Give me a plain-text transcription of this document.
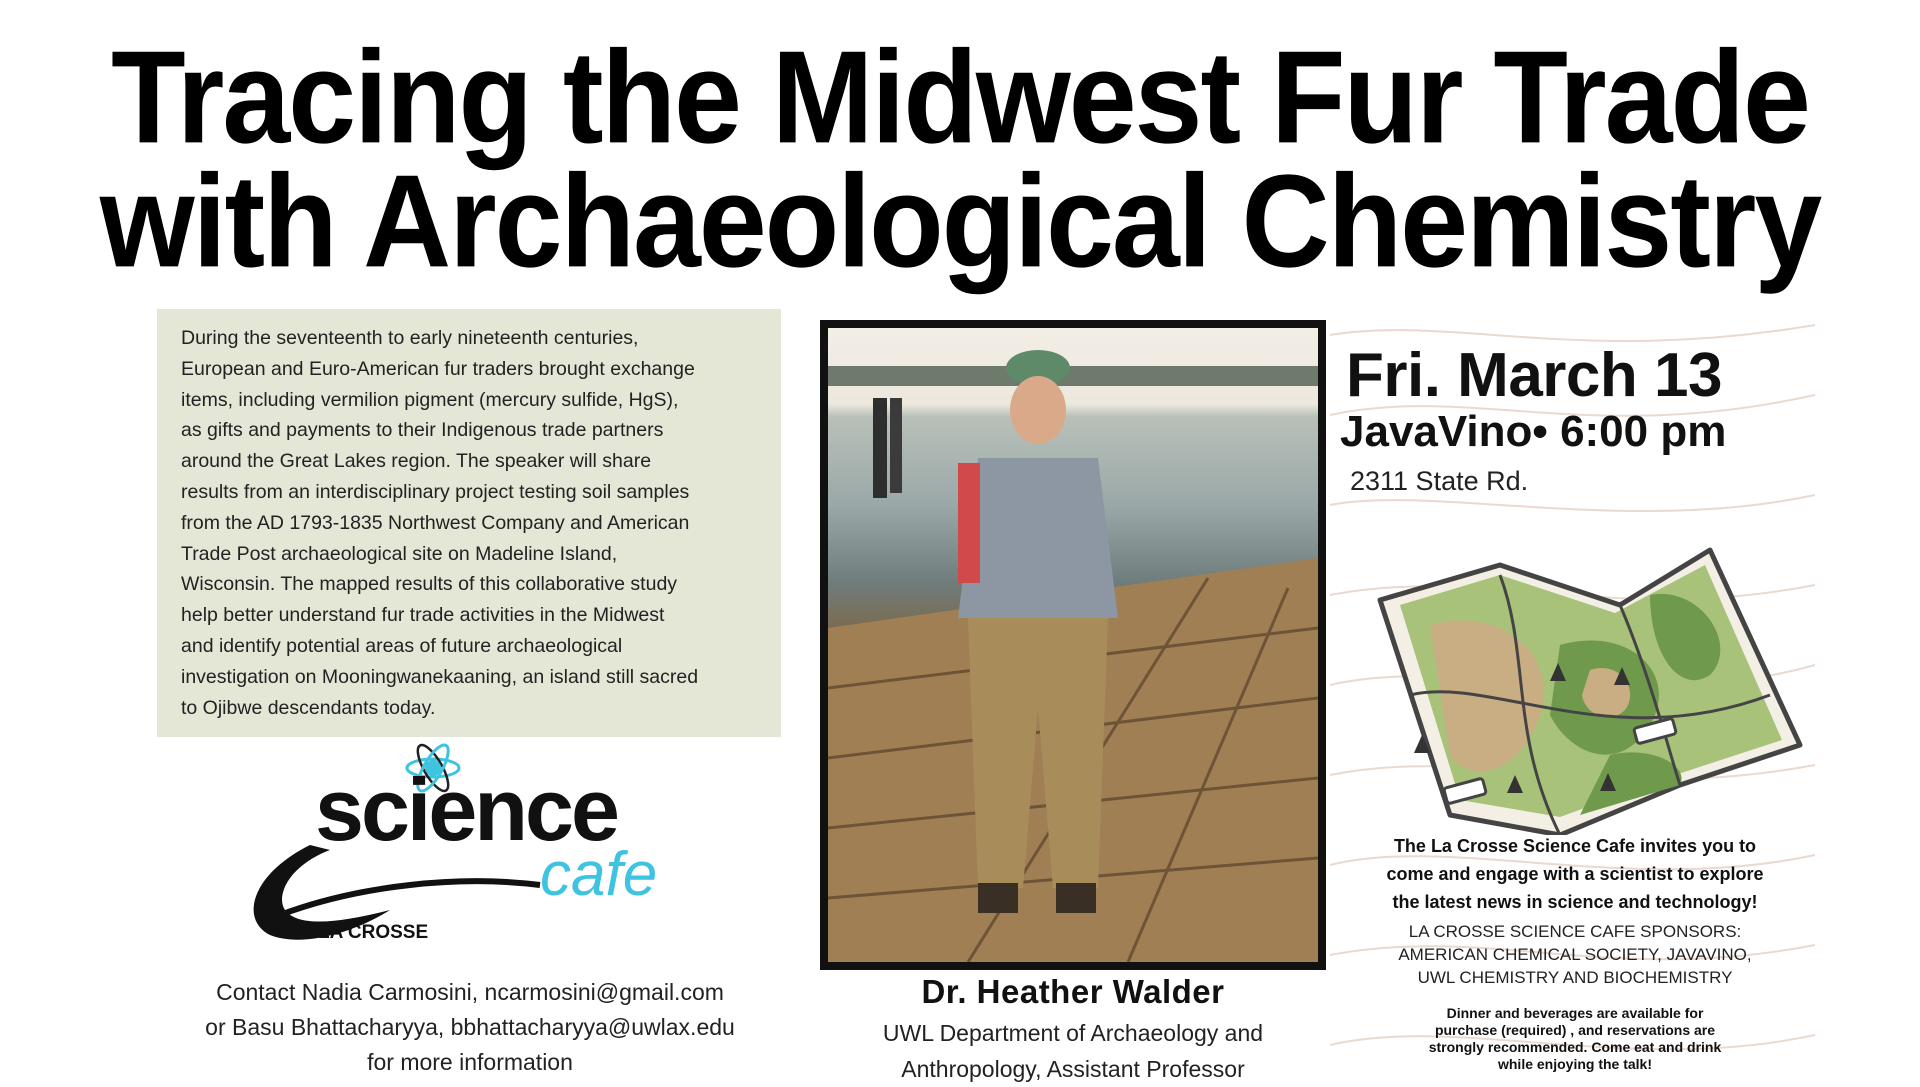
Tracing the Midwest Fur Trade
with Archaeological Chemistry

During the seventeenth to early nineteenth centuries,

European and Euro-American fur traders brought exchange

items, including vermilion pigment (mercury sulfide, HgS),

as gifts and payments to their Indigenous trade partners

around the Great Lakes region. The speaker will share

results from an interdisciplinary project testing soil samples

from the AD 1793-1835 Northwest Company and American

Trade Post archaeological site on Madeline Island,

Wisconsin. The mapped results of this collaborative study

help better understand fur trade activities in the Midwest

and identify potential areas of future archaeological

investigation on Mooningwanekaaning, an island still sacred

to Ojibwe descendants today.

science
cafe
LA CROSSE
Contact Nadia Carmosini, ncarmosini@gmail.com
or Basu Bhattacharyya, bbhattacharyya@uwlax.edu
for more information
Dr. Heather Walder
UWL Department of Archaeology and
Anthropology, Assistant Professor
Fri. March 13
JavaVino• 6:00 pm
2311 State Rd.
The La Crosse Science Cafe invites you to
come and engage with a scientist to explore
the latest news in science and technology!
LA CROSSE SCIENCE CAFE SPONSORS:
AMERICAN CHEMICAL SOCIETY, JAVAVINO,
UWL CHEMISTRY AND BIOCHEMISTRY
Dinner and beverages are available for
purchase (required) , and reservations are
strongly recommended. Come eat and drink
while enjoying the talk!
